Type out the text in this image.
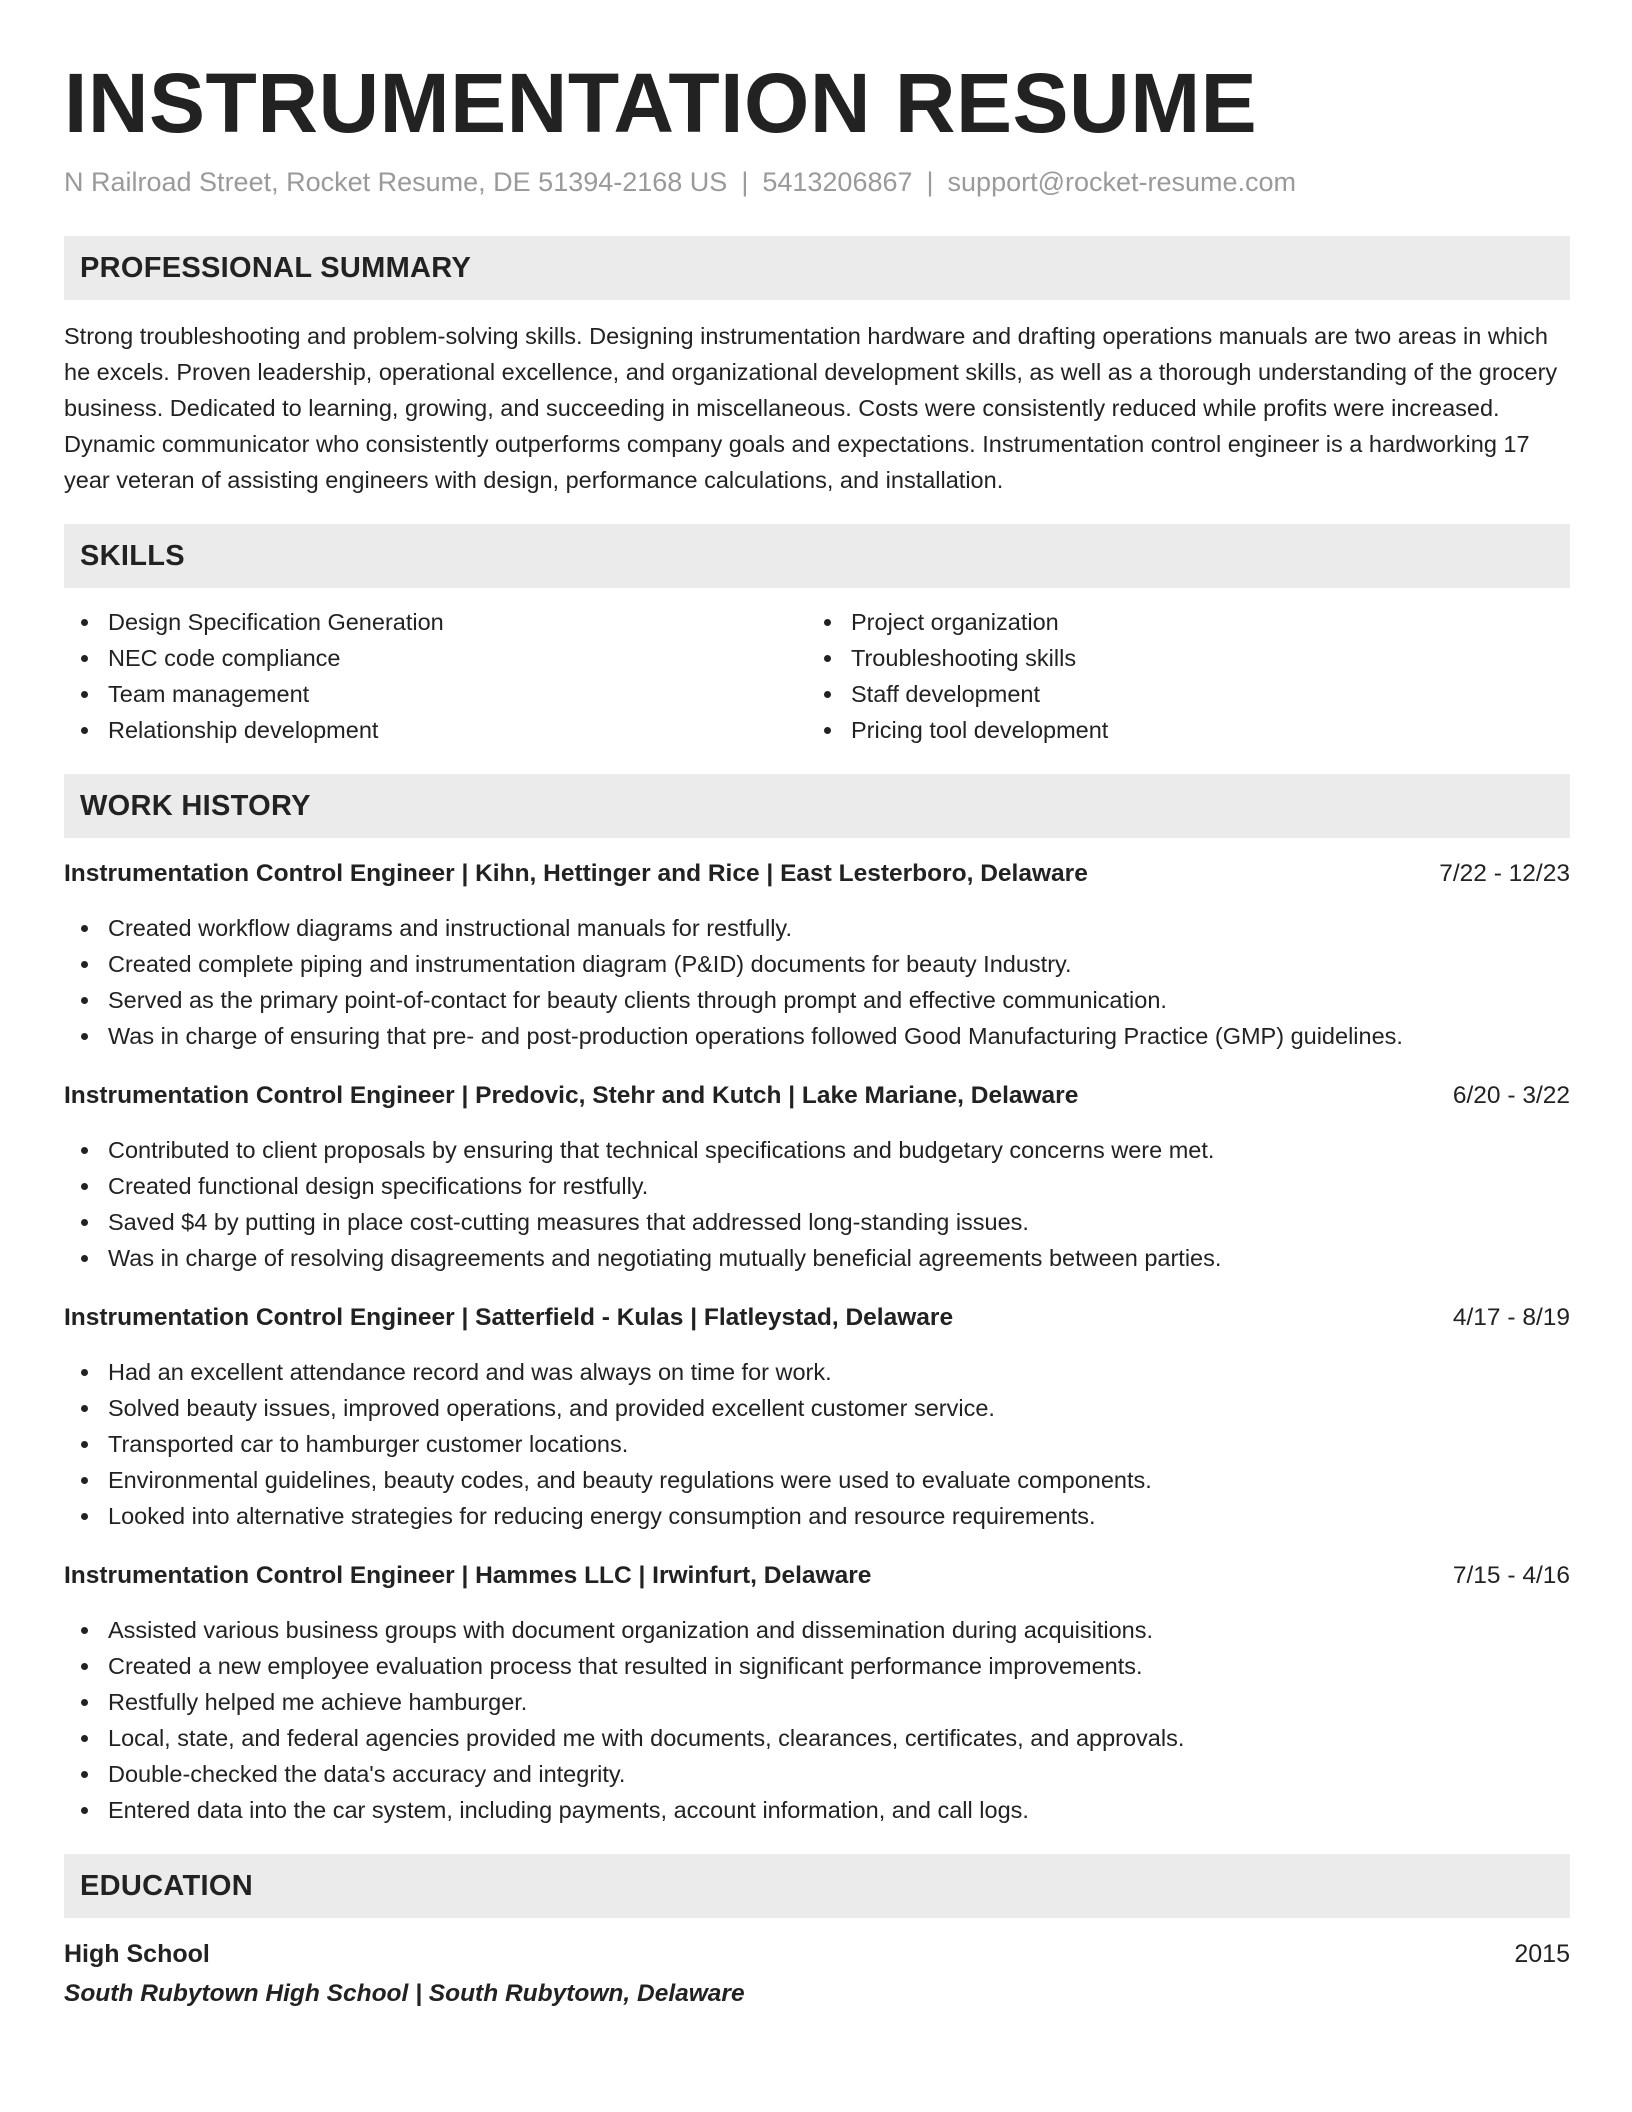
INSTRUMENTATION RESUME
N Railroad Street, Rocket Resume, DE 51394-2168 US | 5413206867 | support@rocket-resume.com
PROFESSIONAL SUMMARY

Strong troubleshooting and problem-solving skills. Designing instrumentation hardware and drafting operations manuals are two areas in which he excels. Proven leadership, operational excellence, and organizational development skills, as well as a thorough understanding of the grocery business. Dedicated to learning, growing, and succeeding in miscellaneous. Costs were consistently reduced while profits were increased. Dynamic communicator who consistently outperforms company goals and expectations. Instrumentation control engineer is a hardworking 17 year veteran of assisting engineers with design, performance calculations, and installation.

SKILLS
Design Specification Generation
NEC code compliance
Team management
Relationship development
Project organization
Troubleshooting skills
Staff development
Pricing tool development
WORK HISTORY
Instrumentation Control Engineer | Kihn, Hettinger and Rice | East Lesterboro, Delaware	7/22 - 12/23
Created workflow diagrams and instructional manuals for restfully.
Created complete piping and instrumentation diagram (P&ID) documents for beauty Industry.
Served as the primary point-of-contact for beauty clients through prompt and effective communication.
Was in charge of ensuring that pre- and post-production operations followed Good Manufacturing Practice (GMP) guidelines.
Instrumentation Control Engineer | Predovic, Stehr and Kutch | Lake Mariane, Delaware	6/20 - 3/22
Contributed to client proposals by ensuring that technical specifications and budgetary concerns were met.
Created functional design specifications for restfully.
Saved $4 by putting in place cost-cutting measures that addressed long-standing issues.
Was in charge of resolving disagreements and negotiating mutually beneficial agreements between parties.
Instrumentation Control Engineer | Satterfield - Kulas | Flatleystad, Delaware	4/17 - 8/19
Had an excellent attendance record and was always on time for work.
Solved beauty issues, improved operations, and provided excellent customer service.
Transported car to hamburger customer locations.
Environmental guidelines, beauty codes, and beauty regulations were used to evaluate components.
Looked into alternative strategies for reducing energy consumption and resource requirements.
Instrumentation Control Engineer | Hammes LLC | Irwinfurt, Delaware	7/15 - 4/16
Assisted various business groups with document organization and dissemination during acquisitions.
Created a new employee evaluation process that resulted in significant performance improvements.
Restfully helped me achieve hamburger.
Local, state, and federal agencies provided me with documents, clearances, certificates, and approvals.
Double-checked the data's accuracy and integrity.
Entered data into the car system, including payments, account information, and call logs.
EDUCATION
High School	2015
South Rubytown High School | South Rubytown, Delaware
